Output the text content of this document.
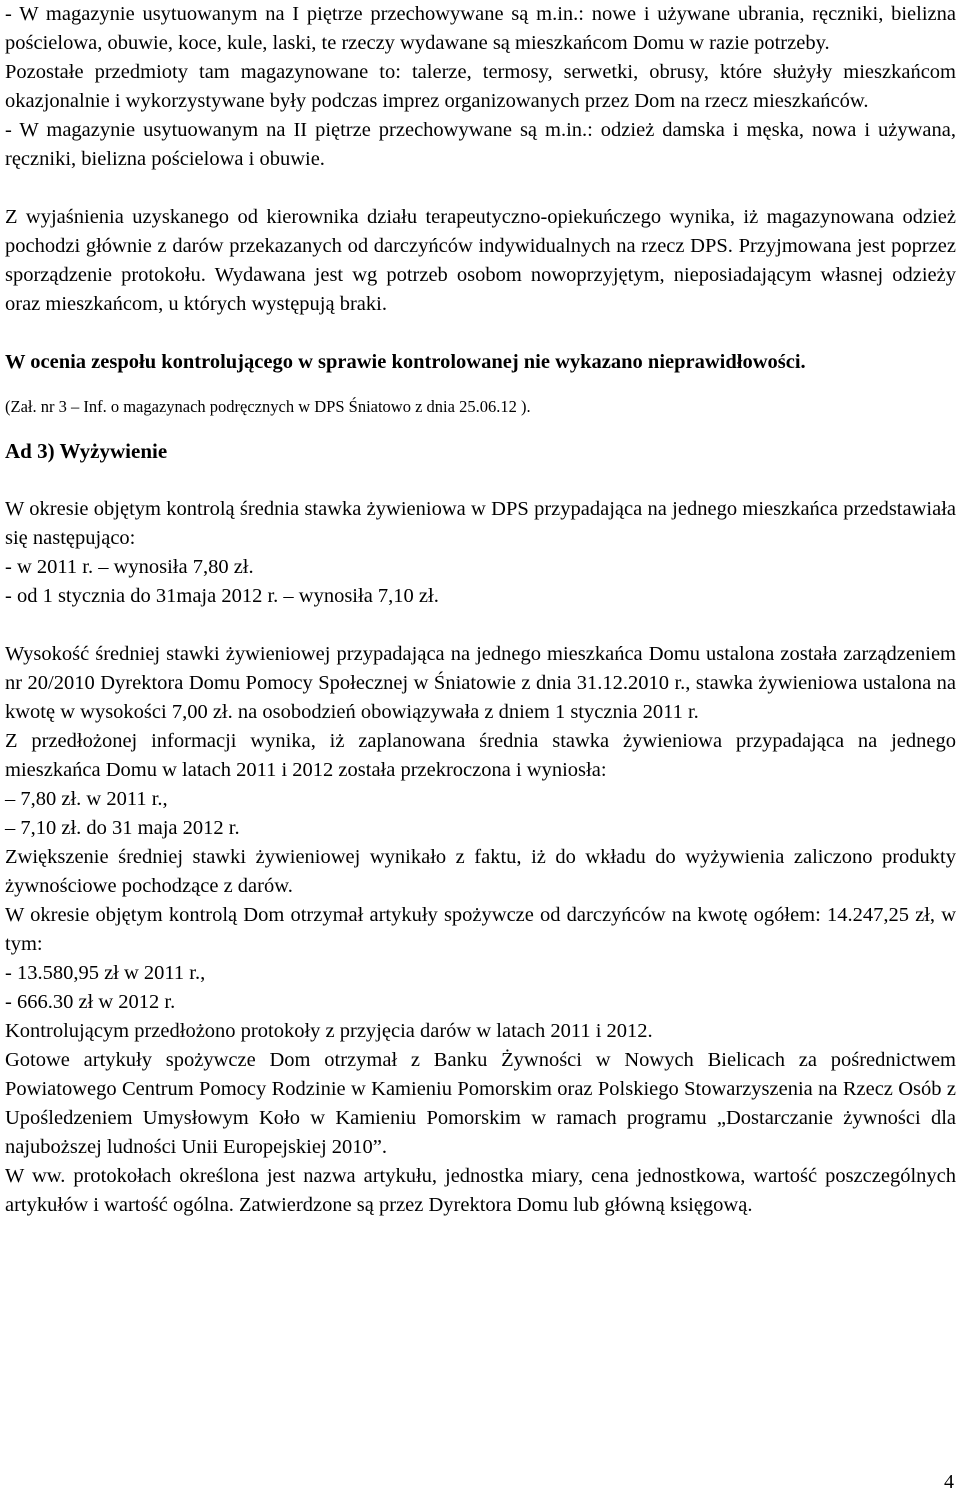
- W magazynie usytuowanym na I piętrze przechowywane są m.in.: nowe i używane ubrania, ręczniki, bielizna pościelowa, obuwie, koce, kule, laski, te rzeczy wydawane są mieszkańcom Domu w razie potrzeby.

Pozostałe przedmioty tam magazynowane to: talerze, termosy, serwetki, obrusy, które służyły mieszkańcom okazjonalnie i wykorzystywane były podczas imprez organizowanych przez Dom na rzecz mieszkańców.

- W magazynie usytuowanym na II piętrze przechowywane są m.in.: odzież damska i męska, nowa i używana, ręczniki, bielizna pościelowa i obuwie.

Z wyjaśnienia uzyskanego od kierownika działu terapeutyczno-opiekuńczego wynika, iż magazynowana odzież pochodzi głównie z darów przekazanych od darczyńców indywidualnych na rzecz DPS. Przyjmowana jest poprzez sporządzenie protokołu. Wydawana jest wg potrzeb osobom nowoprzyjętym, nieposiadającym własnej odzieży oraz mieszkańcom, u których występują braki.

W ocenia zespołu kontrolującego w sprawie kontrolowanej nie wykazano nieprawidłowości.

(Zał. nr 3 – Inf. o magazynach podręcznych w DPS Śniatowo z dnia 25.06.12 ).

Ad 3) Wyżywienie

W okresie objętym kontrolą średnia stawka żywieniowa w DPS przypadająca na jednego mieszkańca przedstawiała się następująco:

- w 2011 r. – wynosiła 7,80 zł.

- od 1 stycznia do 31maja 2012 r. – wynosiła 7,10 zł.

Wysokość średniej stawki żywieniowej przypadająca na jednego mieszkańca Domu ustalona została zarządzeniem nr 20/2010 Dyrektora Domu Pomocy Społecznej w Śniatowie z dnia 31.12.2010 r., stawka żywieniowa ustalona na kwotę w wysokości 7,00 zł. na osobodzień obowiązywała z dniem 1 stycznia 2011 r.

Z przedłożonej informacji wynika, iż zaplanowana średnia stawka żywieniowa przypadająca na jednego mieszkańca Domu w latach 2011 i 2012 została przekroczona i wyniosła:

– 7,80 zł. w 2011 r.,

– 7,10 zł. do 31 maja 2012 r.

Zwiększenie średniej stawki żywieniowej wynikało z faktu, iż do wkładu do wyżywienia zaliczono produkty żywnościowe pochodzące z darów.

W okresie objętym kontrolą Dom otrzymał artykuły spożywcze od darczyńców na kwotę ogółem: 14.247,25 zł, w tym:

- 13.580,95 zł w 2011 r.,

- 666.30 zł w 2012 r.

Kontrolującym przedłożono protokoły z przyjęcia darów w latach 2011 i 2012.

Gotowe artykuły spożywcze Dom otrzymał z Banku Żywności w Nowych Bielicach za pośrednictwem Powiatowego Centrum Pomocy Rodzinie w Kamieniu Pomorskim oraz Polskiego Stowarzyszenia na Rzecz Osób z Upośledzeniem Umysłowym Koło w Kamieniu Pomorskim w ramach programu „Dostarczanie żywności dla najuboższej ludności Unii Europejskiej 2010”.

W ww. protokołach określona jest nazwa artykułu, jednostka miary, cena jednostkowa, wartość poszczególnych artykułów i wartość ogólna. Zatwierdzone są przez Dyrektora Domu lub główną księgową.

4
